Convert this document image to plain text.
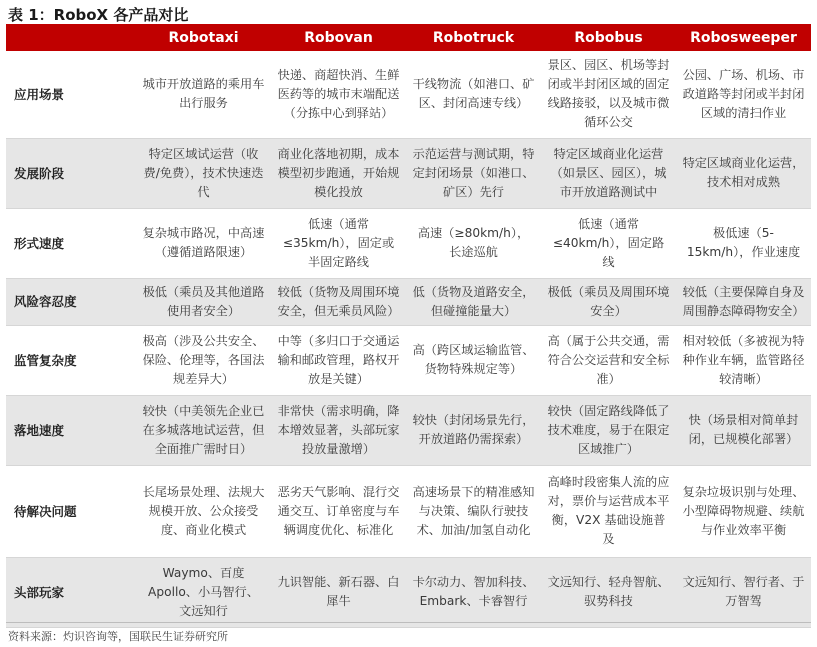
表 1：RoboX 各产品对比
	Robotaxi	Robovan	Robotruck	Robobus	Robosweeper
应用场景	城市开放道路的乘用车出行服务	快递、商超快消、生鲜医药等的城市末端配送（分拣中心到驿站）	干线物流（如港口、矿区、封闭高速专线）	景区、园区、机场等封闭或半封闭区域的固定线路接驳，以及城市微循环公交	公园、广场、机场、市政道路等封闭或半封闭区域的清扫作业
发展阶段	特定区域试运营（收费/免费），技术快速迭代	商业化落地初期，成本模型初步跑通，开始规模化投放	示范运营与测试期，特定封闭场景（如港口、矿区）先行	特定区域商业化运营（如景区、园区），城市开放道路测试中	特定区域商业化运营，技术相对成熟
形式速度	复杂城市路况，中高速（遵循道路限速）	低速（通常≤35km/h），固定或半固定路线	高速（≥80km/h），长途巡航	低速（通常≤40km/h），固定路线	极低速（5-15km/h），作业速度
风险容忍度	极低（乘员及其他道路使用者安全）	较低（货物及周围环境安全，但无乘员风险）	低（货物及道路安全，但碰撞能量大）	极低（乘员及周围环境安全）	较低（主要保障自身及周围静态障碍物安全）
监管复杂度	极高（涉及公共安全、保险、伦理等，各国法规差异大）	中等（多归口于交通运输和邮政管理，路权开放是关键）	高（跨区域运输监管、货物特殊规定等）	高（属于公共交通，需符合公交运营和安全标准）	相对较低（多被视为特种作业车辆，监管路径较清晰）
落地速度	较快（中美领先企业已在多城落地试运营，但全面推广需时日）	非常快（需求明确，降本增效显著，头部玩家投放量激增）	较快（封闭场景先行，开放道路仍需探索）	较快（固定路线降低了技术难度，易于在限定区域推广）	快（场景相对简单封闭，已规模化部署）
待解决问题	长尾场景处理、法规大规模开放、公众接受度、商业化模式	恶劣天气影响、混行交通交互、订单密度与车辆调度优化、标准化	高速场景下的精准感知与决策、编队行驶技术、加油/加氢自动化	高峰时段密集人流的应对，票价与运营成本平衡，V2X 基础设施普及	复杂垃圾识别与处理、小型障碍物规避、续航与作业效率平衡
头部玩家	Waymo、百度Apollo、小马智行、文远知行	九识智能、新石器、白犀牛	卡尔动力、智加科技、Embark、卡睿智行	文远知行、轻舟智航、驭势科技	文远知行、智行者、于万智驾
资料来源：灼识咨询等，国联民生证券研究所
